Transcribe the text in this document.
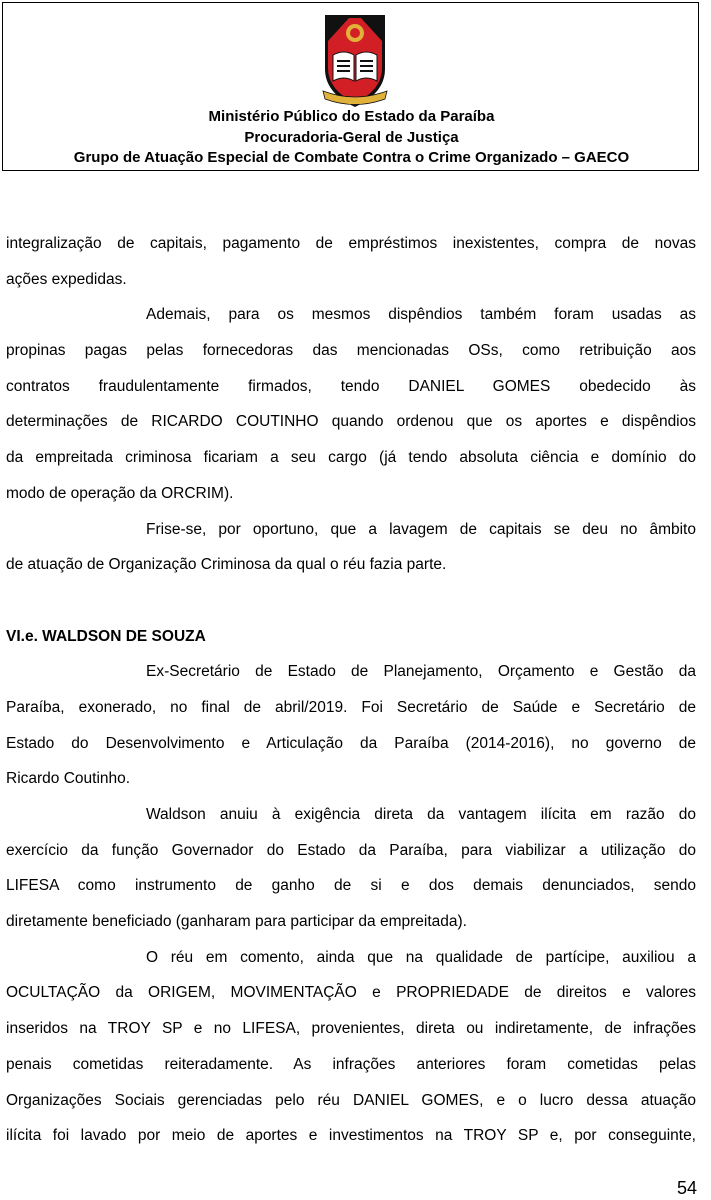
Ministério Público do Estado da Paraíba
Procuradoria-Geral de Justiça
Grupo de Atuação Especial de Combate Contra o Crime Organizado – GAECO
integralização de capitais, pagamento de empréstimos inexistentes, compra de novas
ações expedidas.
Ademais, para os mesmos dispêndios também foram usadas as
propinas pagas pelas fornecedoras das mencionadas OSs, como retribuição aos
contratos fraudulentamente firmados, tendo DANIEL GOMES obedecido às
determinações de RICARDO COUTINHO quando ordenou que os aportes e dispêndios
da empreitada criminosa ficariam a seu cargo (já tendo absoluta ciência e domínio do
modo de operação da ORCRIM).
Frise-se, por oportuno, que a lavagem de capitais se deu no âmbito
de atuação de Organização Criminosa da qual o réu fazia parte.
VI.e. WALDSON DE SOUZA
Ex-Secretário de Estado de Planejamento, Orçamento e Gestão da
Paraíba, exonerado, no final de abril/2019. Foi Secretário de Saúde e Secretário de
Estado do Desenvolvimento e Articulação da Paraíba (2014-2016), no governo de
Ricardo Coutinho.
Waldson anuiu à exigência direta da vantagem ilícita em razão do
exercício da função Governador do Estado da Paraíba, para viabilizar a utilização do
LIFESA como instrumento de ganho de si e dos demais denunciados, sendo
diretamente beneficiado (ganharam para participar da empreitada).
O réu em comento, ainda que na qualidade de partícipe, auxiliou a
OCULTAÇÃO da ORIGEM, MOVIMENTAÇÃO e PROPRIEDADE de direitos e valores
inseridos na TROY SP e no LIFESA, provenientes, direta ou indiretamente, de infrações
penais cometidas reiteradamente. As infrações anteriores foram cometidas pelas
Organizações Sociais gerenciadas pelo réu DANIEL GOMES, e o lucro dessa atuação
ilícita foi lavado por meio de aportes e investimentos na TROY SP e, por conseguinte,
54
